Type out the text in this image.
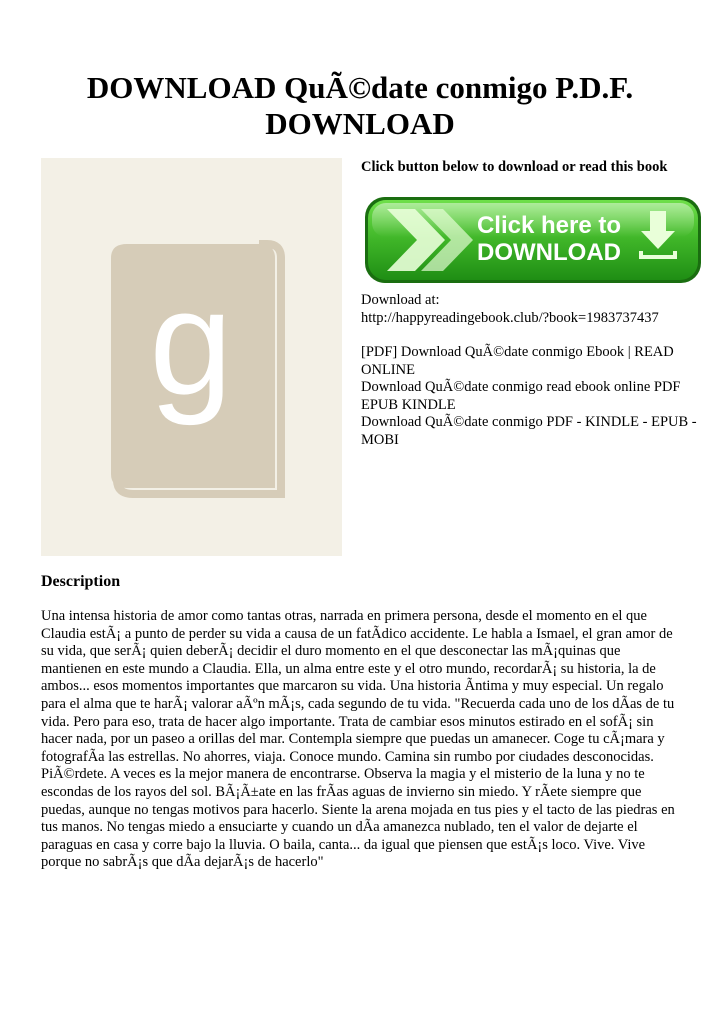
DOWNLOAD QuÃ©date conmigo P.D.F. DOWNLOAD
g

Click button below to download or read this book

Click here to
DOWNLOAD

Download at:

http://happyreadingebook.club/?book=1983737437

[PDF] Download QuÃ©date conmigo Ebook | READ ONLINE

Download QuÃ©date conmigo read ebook online PDF EPUB KINDLE

Download QuÃ©date conmigo PDF - KINDLE - EPUB - MOBI

Description

Una intensa historia de amor como tantas otras, narrada en primera persona, desde el momento en el que Claudia estÃ¡ a punto de perder su vida a causa de un fatÃdico accidente. Le habla a Ismael, el gran amor de su vida, que serÃ¡ quien deberÃ¡ decidir el duro momento en el que desconectar las mÃ¡quinas que mantienen en este mundo a Claudia. Ella, un alma entre este y el otro mundo, recordarÃ¡ su historia, la de ambos... esos momentos importantes que marcaron su vida. Una historia Ãntima y muy especial. Un regalo para el alma que te harÃ¡ valorar aÃºn mÃ¡s, cada segundo de tu vida. "Recuerda cada uno de los dÃas de tu vida. Pero para eso, trata de hacer algo importante. Trata de cambiar esos minutos estirado en el sofÃ¡ sin hacer nada, por un paseo a orillas del mar. Contempla siempre que puedas un amanecer. Coge tu cÃ¡mara y fotografÃa las estrellas. No ahorres, viaja. Conoce mundo. Camina sin rumbo por ciudades desconocidas. PiÃ©rdete. A veces es la mejor manera de encontrarse. Observa la magia y el misterio de la luna y no te escondas de los rayos del sol. BÃ¡Ã±ate en las frÃas aguas de invierno sin miedo. Y rÃete siempre que puedas, aunque no tengas motivos para hacerlo. Siente la arena mojada en tus pies y el tacto de las piedras en tus manos. No tengas miedo a ensuciarte y cuando un dÃa amanezca nublado, ten el valor de dejarte el paraguas en casa y corre bajo la lluvia. O baila, canta... da igual que piensen que estÃ¡s loco. Vive. Vive porque no sabrÃ¡s que dÃa dejarÃ¡s de hacerlo"
